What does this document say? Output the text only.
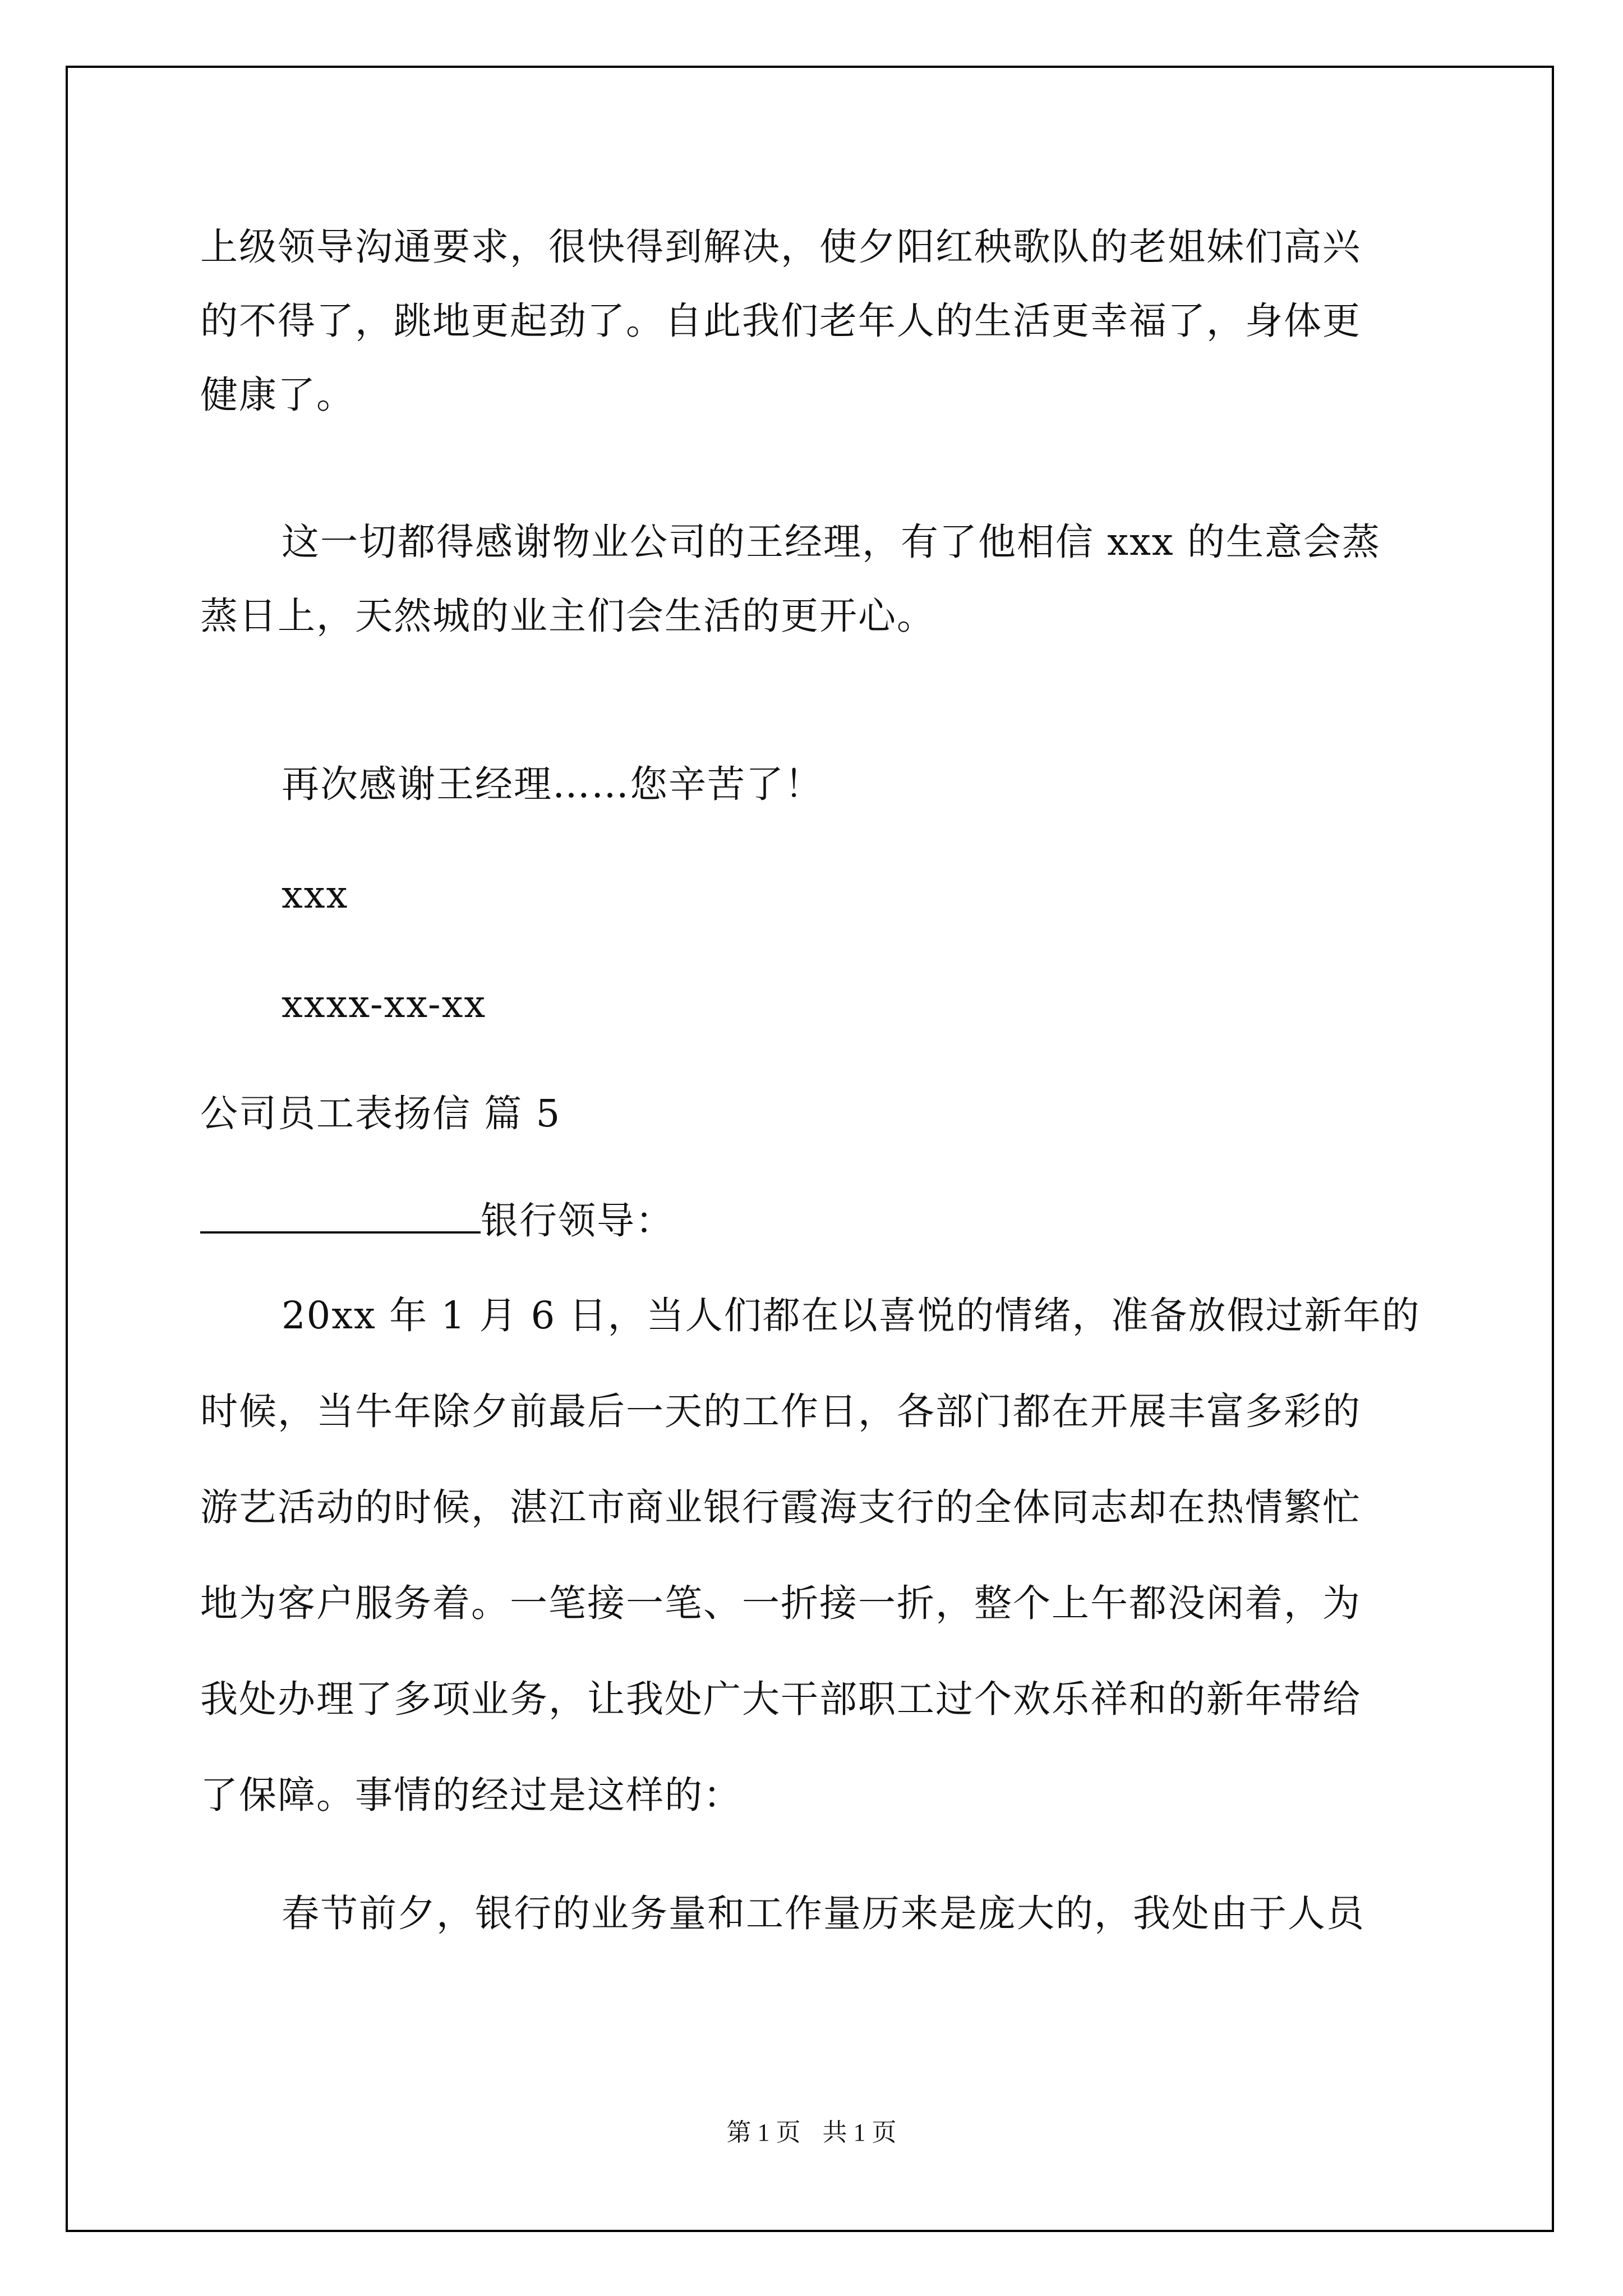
上级领导沟通要求，很快得到解决，使夕阳红秧歌队的老姐妹们高兴
的不得了，跳地更起劲了。自此我们老年人的生活更幸福了，身体更
健康了。
这一切都得感谢物业公司的王经理，有了他相信 xxx 的生意会蒸
蒸日上，天然城的业主们会生活的更开心。
再次感谢王经理……您辛苦了！
xxx
xxxx-xx-xx
公司员工表扬信 篇 5
银行领导：
20xx 年 1 月 6 日，当人们都在以喜悦的情绪，准备放假过新年的
时候，当牛年除夕前最后一天的工作日，各部门都在开展丰富多彩的
游艺活动的时候，湛江市商业银行霞海支行的全体同志却在热情繁忙
地为客户服务着。一笔接一笔、一折接一折，整个上午都没闲着，为
我处办理了多项业务，让我处广大干部职工过个欢乐祥和的新年带给
了保障。事情的经过是这样的：
春节前夕，银行的业务量和工作量历来是庞大的，我处由于人员
第 1 页 共 1 页
